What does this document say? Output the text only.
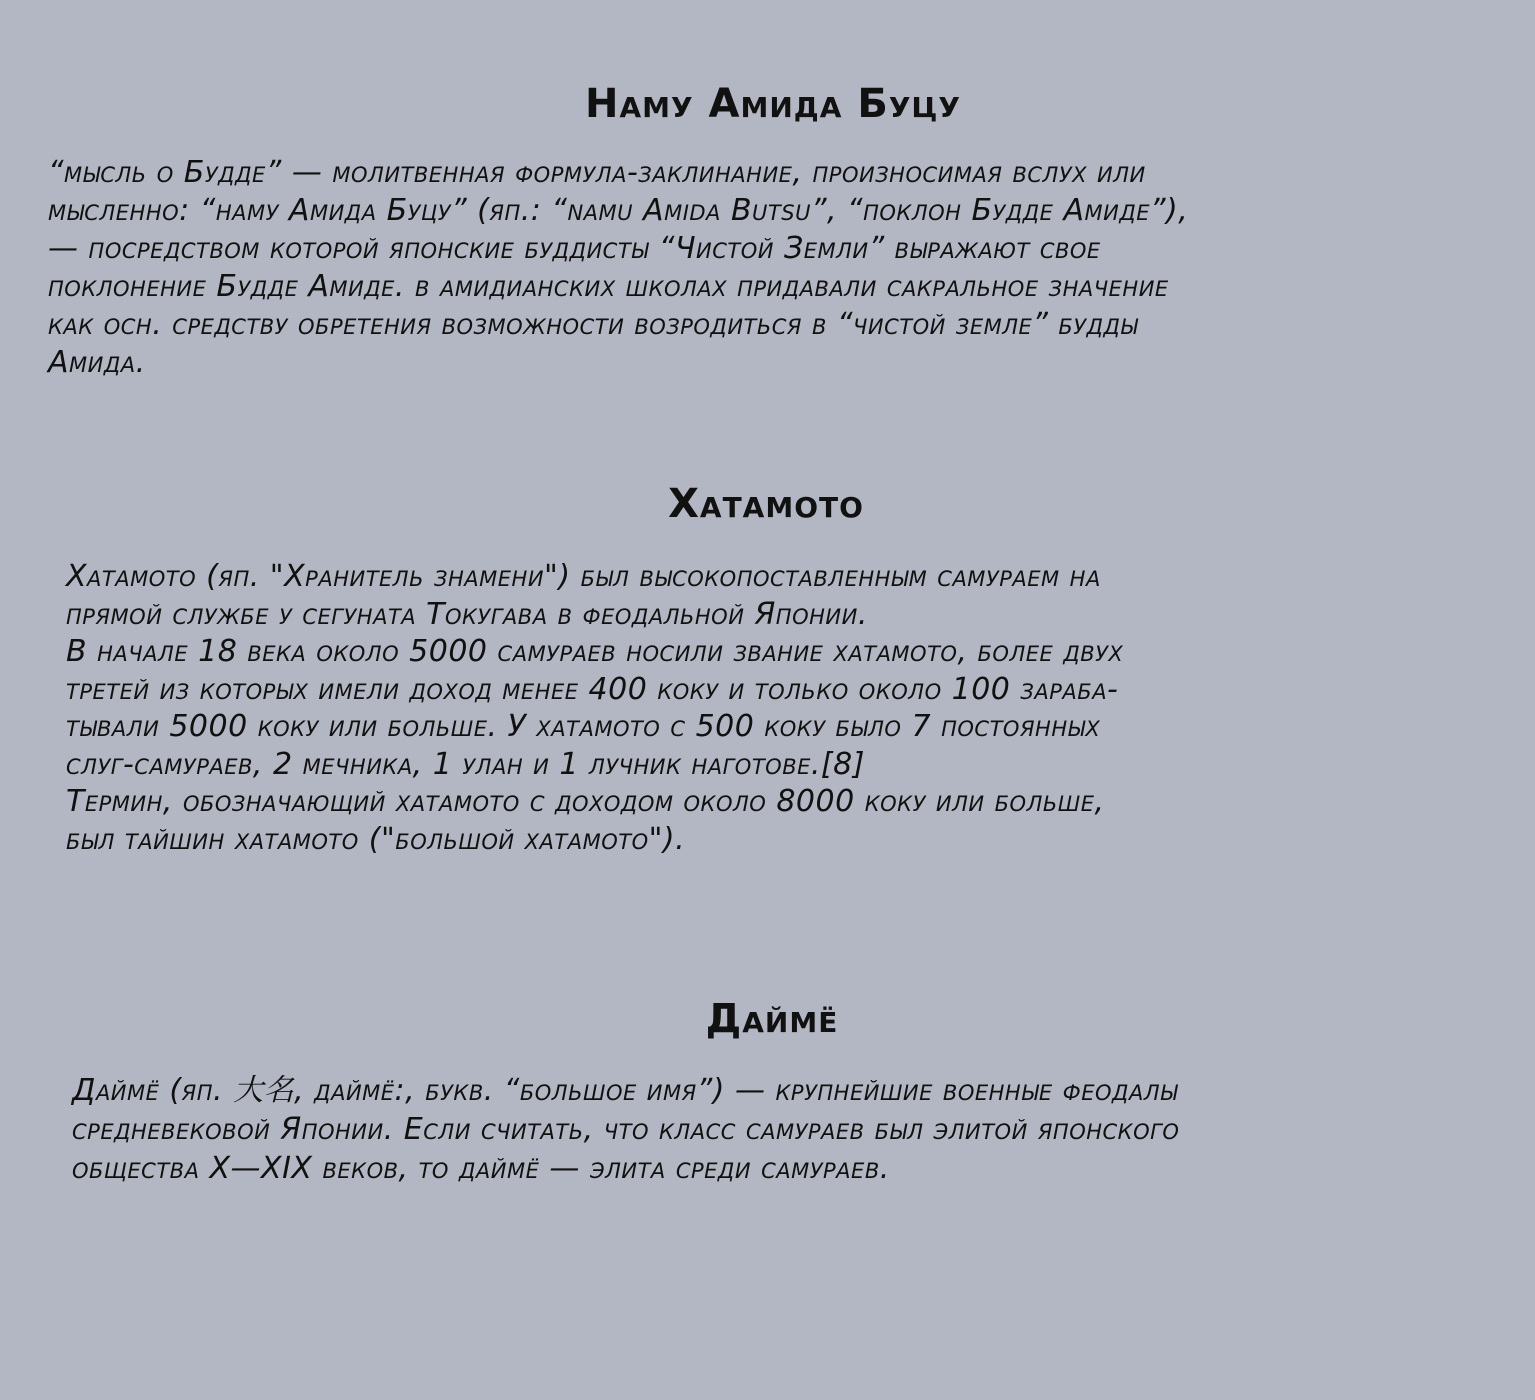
Наму Амида Буцу
“мысль о Будде” — молитвенная формула-заклинание, произносимая вслух или
мысленно: “наму Амида Буцу” (яп.: “namu Amida Butsu”, “поклон Будде Амиде”),
— посредством которой японские буддисты “Чистой Земли” выражают свое
поклонение Будде Амиде. в амидианских школах придавали сакральное значение
как осн. средству обретения возможности возродиться в “чистой земле” будды
Амида.
Хатамото
Хатамото (яп. "Хранитель знамени") был высокопоставленным самураем на
прямой службе у сегуната Токугава в феодальной Японии.
В начале 18 века около 5000 самураев носили звание хатамото, более двух
третей из которых имели доход менее 400 коку и только около 100 зараба-
тывали 5000 коку или больше. У хатамото с 500 коку было 7 постоянных
слуг-самураев, 2 мечника, 1 улан и 1 лучник наготове.[8]
Термин, обозначающий хатамото с доходом около 8000 коку или больше,
был тайшин хатамото ("большой хатамото").
Даймё
Даймё (яп. 大名, даймё:, букв. “большое имя”) — крупнейшие военные феодалы
средневековой Японии. Если считать, что класс самураев был элитой японского
общества X—XIX веков, то даймё — элита среди самураев.
